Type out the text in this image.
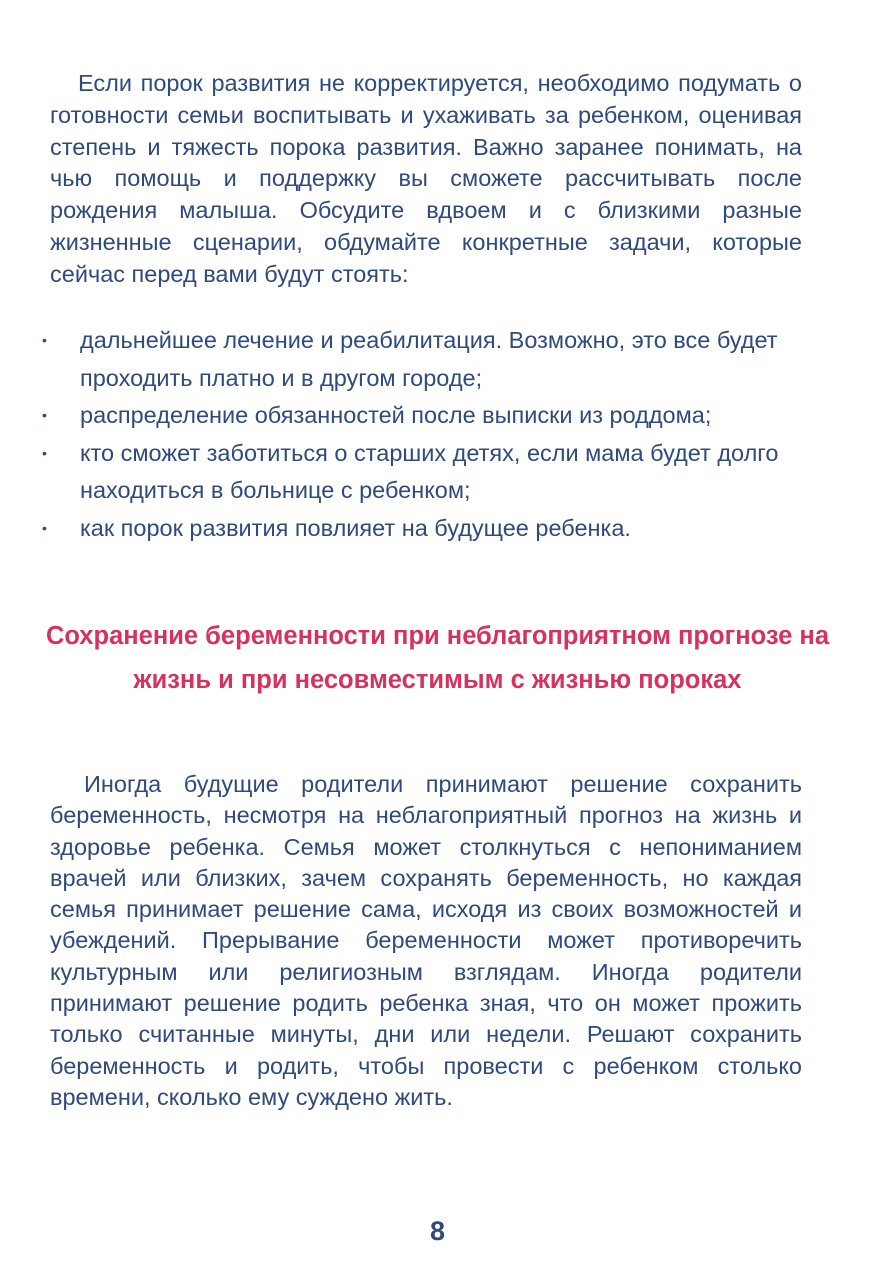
Если порок развития не корректируется, необходимо подумать о готовности семьи воспитывать и ухаживать за ребенком, оценивая степень и тяжесть порока развития. Важно заранее понимать, на чью помощь и поддержку вы сможете рассчитывать после рождения малыша. Обсудите вдвоем и с близкими разные жизненные сценарии, обдумайте конкретные задачи, которые сейчас перед вами будут стоять:

• дальнейшее лечение и реабилитация. Возможно, это все будет проходить платно и в другом городе;
• распределение обязанностей после выписки из роддома;
• кто сможет заботиться о старших детях, если мама будет долго находиться в больнице с ребенком;
• как порок развития повлияет на будущее ребенка.
Сохранение беременности при неблагоприятном прогнозе на жизнь и при несовместимым с жизнью пороках

Иногда будущие родители принимают решение сохранить беременность, несмотря на неблагоприятный прогноз на жизнь и здоровье ребенка. Семья может столкнуться с непониманием врачей или близких, зачем сохранять беременность, но каждая семья принимает решение сама, исходя из своих возможностей и убеждений. Прерывание беременности может противоречить культурным или религиозным взглядам. Иногда родители принимают решение родить ребенка зная, что он может прожить только считанные минуты, дни или недели. Решают сохранить беременность и родить, чтобы провести с ребенком столько времени, сколько ему суждено жить.

8
